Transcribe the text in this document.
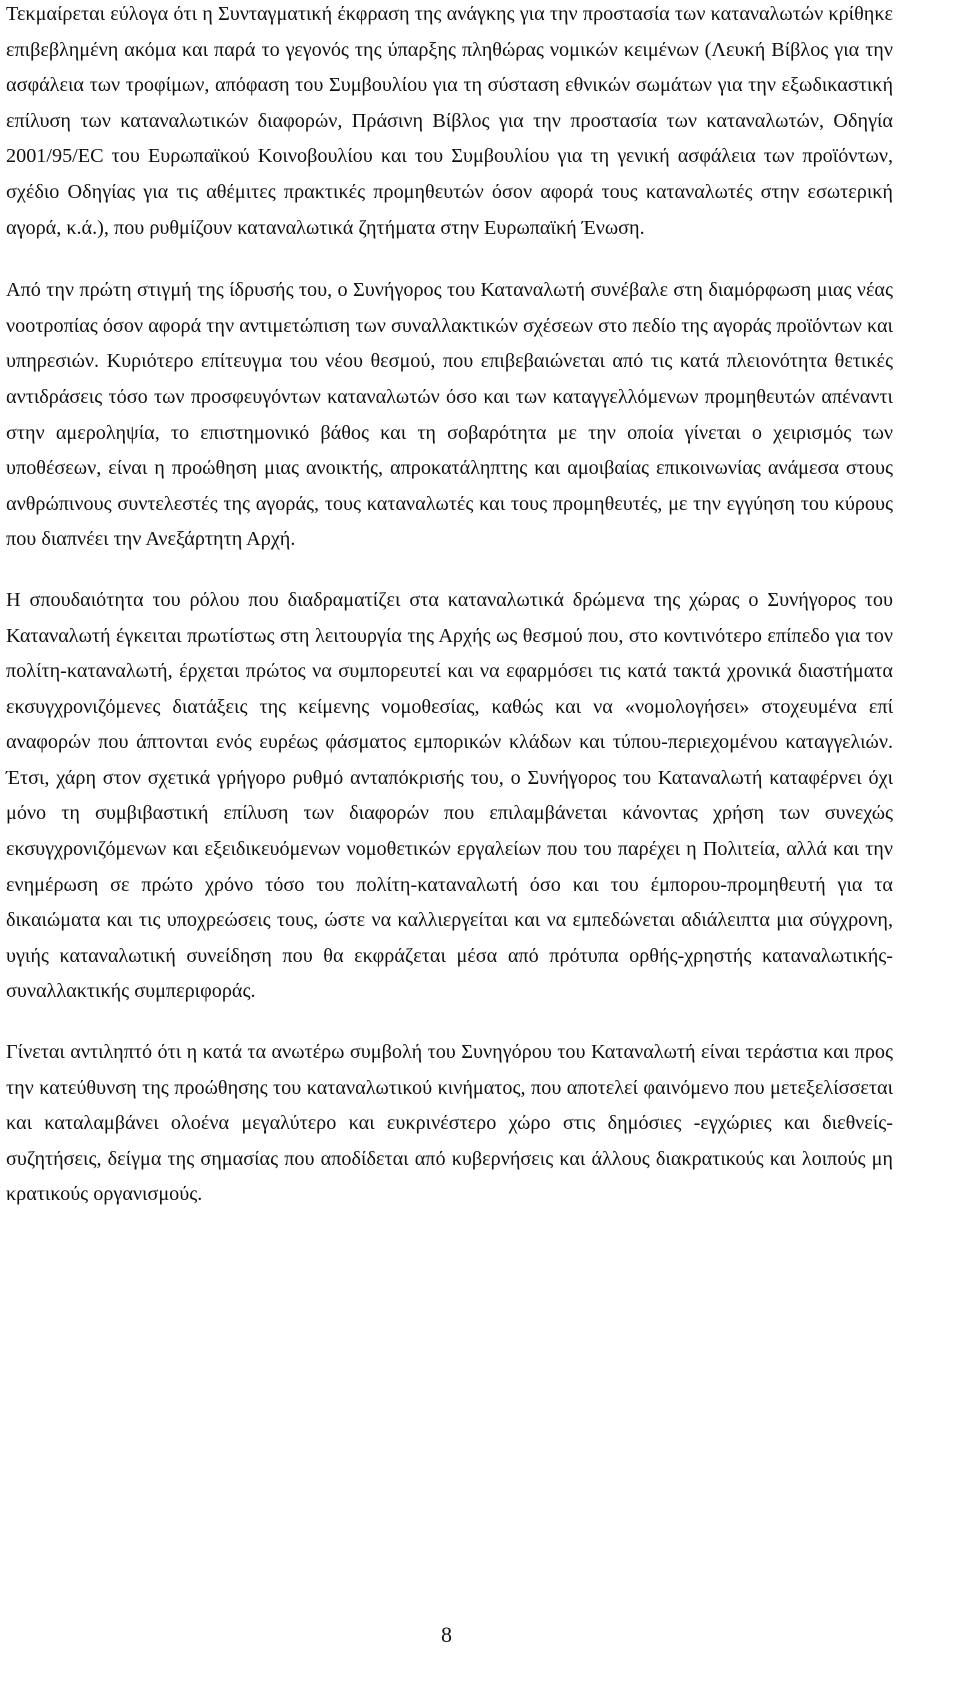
Τεκμαίρεται εύλογα ότι η Συνταγματική έκφραση της ανάγκης για την προστασία των καταναλωτών κρίθηκε επιβεβλημένη ακόμα και παρά το γεγονός της ύπαρξης πληθώρας νομικών κειμένων (Λευκή Βίβλος για την ασφάλεια των τροφίμων, απόφαση του Συμβουλίου για τη σύσταση εθνικών σωμάτων για την εξωδικαστική επίλυση των καταναλωτικών διαφορών, Πράσινη Βίβλος για την προστασία των καταναλωτών, Οδηγία 2001/95/EC του Ευρωπαϊκού Κοινοβουλίου και του Συμβουλίου για τη γενική ασφάλεια των προϊόντων, σχέδιο Οδηγίας για τις αθέμιτες πρακτικές προμηθευτών όσον αφορά τους καταναλωτές στην εσωτερική αγορά, κ.ά.), που ρυθμίζουν καταναλωτικά ζητήματα στην Ευρωπαϊκή Ένωση.

Από την πρώτη στιγμή της ίδρυσής του, ο Συνήγορος του Καταναλωτή συνέβαλε στη διαμόρφωση μιας νέας νοοτροπίας όσον αφορά την αντιμετώπιση των συναλλακτικών σχέσεων στο πεδίο της αγοράς προϊόντων και υπηρεσιών. Κυριότερο επίτευγμα του νέου θεσμού, που επιβεβαιώνεται από τις κατά πλειονότητα θετικές αντιδράσεις τόσο των προσφευγόντων καταναλωτών όσο και των καταγγελλόμενων προμηθευτών απέναντι στην αμεροληψία, το επιστημονικό βάθος και τη σοβαρότητα με την οποία γίνεται ο χειρισμός των υποθέσεων, είναι η προώθηση μιας ανοικτής, απροκατάληπτης και αμοιβαίας επικοινωνίας ανάμεσα στους ανθρώπινους συντελεστές της αγοράς, τους καταναλωτές και τους προμηθευτές, με την εγγύηση του κύρους που διαπνέει την Ανεξάρτητη Αρχή.

Η σπουδαιότητα του ρόλου που διαδραματίζει στα καταναλωτικά δρώμενα της χώρας ο Συνήγορος του Καταναλωτή έγκειται πρωτίστως στη λειτουργία της Αρχής ως θεσμού που, στο κοντινότερο επίπεδο για τον πολίτη-καταναλωτή, έρχεται πρώτος να συμπορευτεί και να εφαρμόσει τις κατά τακτά χρονικά διαστήματα εκσυγχρονιζόμενες διατάξεις της κείμενης νομοθεσίας, καθώς και να «νομολογήσει» στοχευμένα επί αναφορών που άπτονται ενός ευρέως φάσματος εμπορικών κλάδων και τύπου-περιεχομένου καταγγελιών. Έτσι, χάρη στον σχετικά γρήγορο ρυθμό ανταπόκρισής του, ο Συνήγορος του Καταναλωτή καταφέρνει όχι μόνο τη συμβιβαστική επίλυση των διαφορών που επιλαμβάνεται κάνοντας χρήση των συνεχώς εκσυγχρονιζόμενων και εξειδικευόμενων νομοθετικών εργαλείων που του παρέχει η Πολιτεία, αλλά και την ενημέρωση σε πρώτο χρόνο τόσο του πολίτη-καταναλωτή όσο και του έμπορου-προμηθευτή για τα δικαιώματα και τις υποχρεώσεις τους, ώστε να καλλιεργείται και να εμπεδώνεται αδιάλειπτα μια σύγχρονη, υγιής καταναλωτική συνείδηση που θα εκφράζεται μέσα από πρότυπα ορθής-χρηστής καταναλωτικής-συναλλακτικής συμπεριφοράς.

Γίνεται αντιληπτό ότι η κατά τα ανωτέρω συμβολή του Συνηγόρου του Καταναλωτή είναι τεράστια και προς την κατεύθυνση της προώθησης του καταναλωτικού κινήματος, που αποτελεί φαινόμενο που μετεξελίσσεται και καταλαμβάνει ολοένα μεγαλύτερο και ευκρινέστερο χώρο στις δημόσιες -εγχώριες και διεθνείς- συζητήσεις, δείγμα της σημασίας που αποδίδεται από κυβερνήσεις και άλλους διακρατικούς και λοιπούς μη κρατικούς οργανισμούς.

8
